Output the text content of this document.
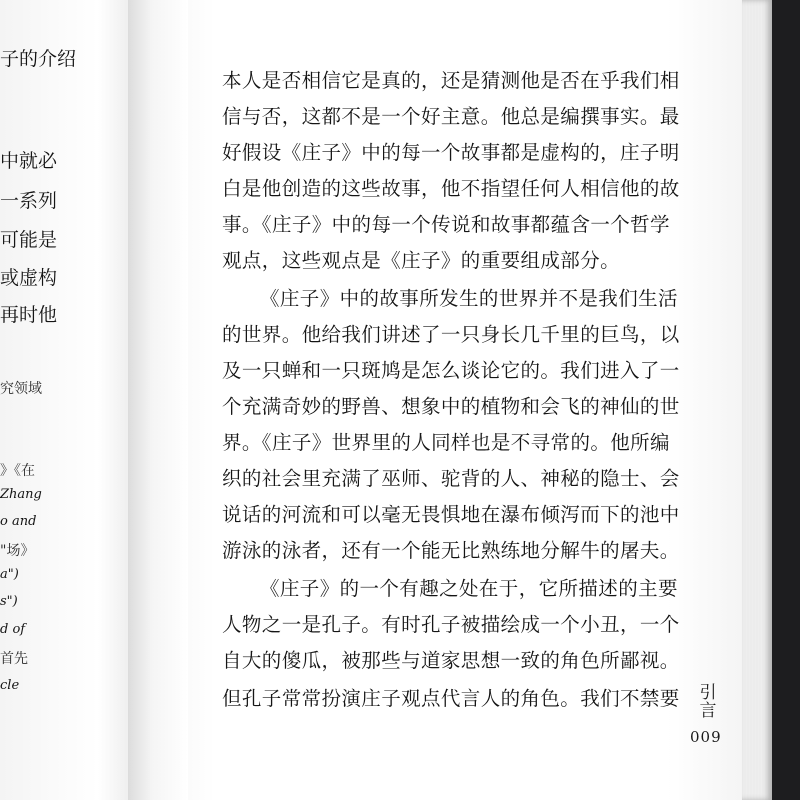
子的介绍
中就必
一系列
可能是
或虚构
再时他
究领域
》《在
Zhang
o and
"场》
a")
s")
d of
首先
cle
本人是否相信它是真的，还是猜测他是否在乎我们相
信与否，这都不是一个好主意。他总是编撰事实。最
好假设《庄子》中的每一个故事都是虚构的，庄子明
白是他创造的这些故事，他不指望任何人相信他的故
事。《庄子》中的每一个传说和故事都蕴含一个哲学
观点，这些观点是《庄子》的重要组成部分。
《庄子》中的故事所发生的世界并不是我们生活
的世界。他给我们讲述了一只身长几千里的巨鸟，以
及一只蝉和一只斑鸠是怎么谈论它的。我们进入了一
个充满奇妙的野兽、想象中的植物和会飞的神仙的世
界。《庄子》世界里的人同样也是不寻常的。他所编
织的社会里充满了巫师、驼背的人、神秘的隐士、会
说话的河流和可以毫无畏惧地在瀑布倾泻而下的池中
游泳的泳者，还有一个能无比熟练地分解牛的屠夫。
《庄子》的一个有趣之处在于，它所描述的主要
人物之一是孔子。有时孔子被描绘成一个小丑，一个
自大的傻瓜，被那些与道家思想一致的角色所鄙视。
但孔子常常扮演庄子观点代言人的角色。我们不禁要 引言
009
